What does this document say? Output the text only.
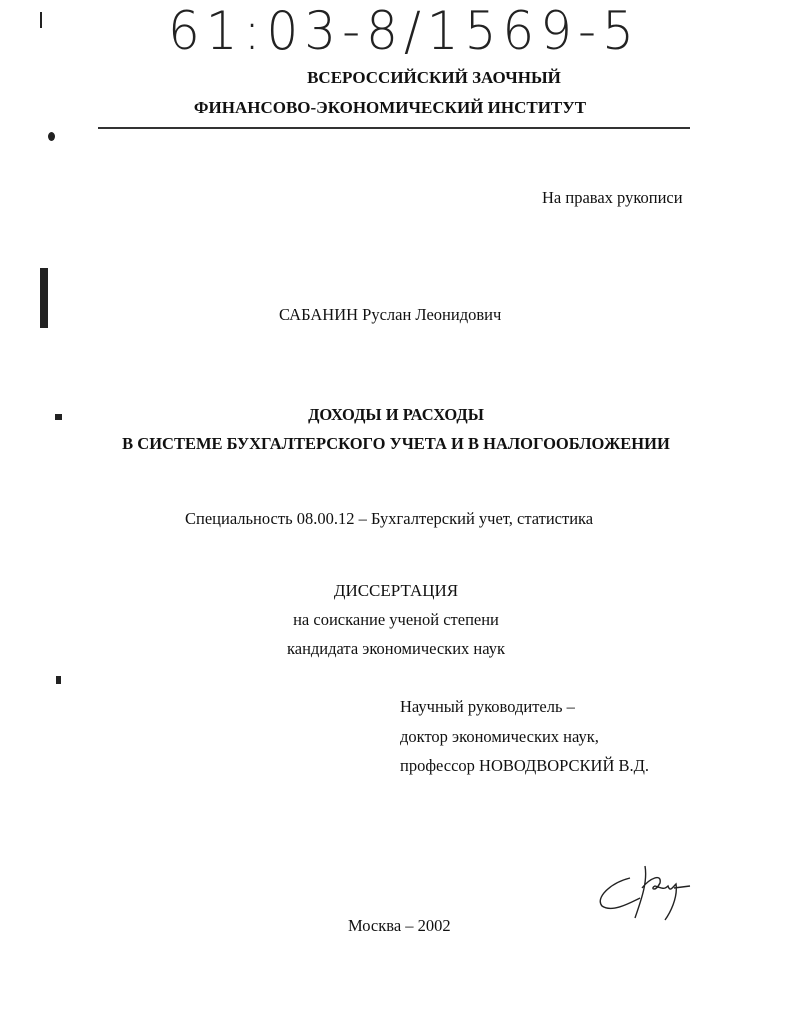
61:03-8/1569-5
ВСЕРОССИЙСКИЙ ЗАОЧНЫЙ
ФИНАНСОВО-ЭКОНОМИЧЕСКИЙ ИНСТИТУТ
На правах рукописи
САБАНИН Руслан Леонидович
ДОХОДЫ И РАСХОДЫ
В СИСТЕМЕ БУХГАЛТЕРСКОГО УЧЕТА И В НАЛОГООБЛОЖЕНИИ
Специальность 08.00.12 – Бухгалтерский учет, статистика
ДИССЕРТАЦИЯ
на соискание ученой степени
кандидата экономических наук
Научный руководитель –
доктор экономических наук,
профессор НОВОДВОРСКИЙ В.Д.
Москва – 2002
